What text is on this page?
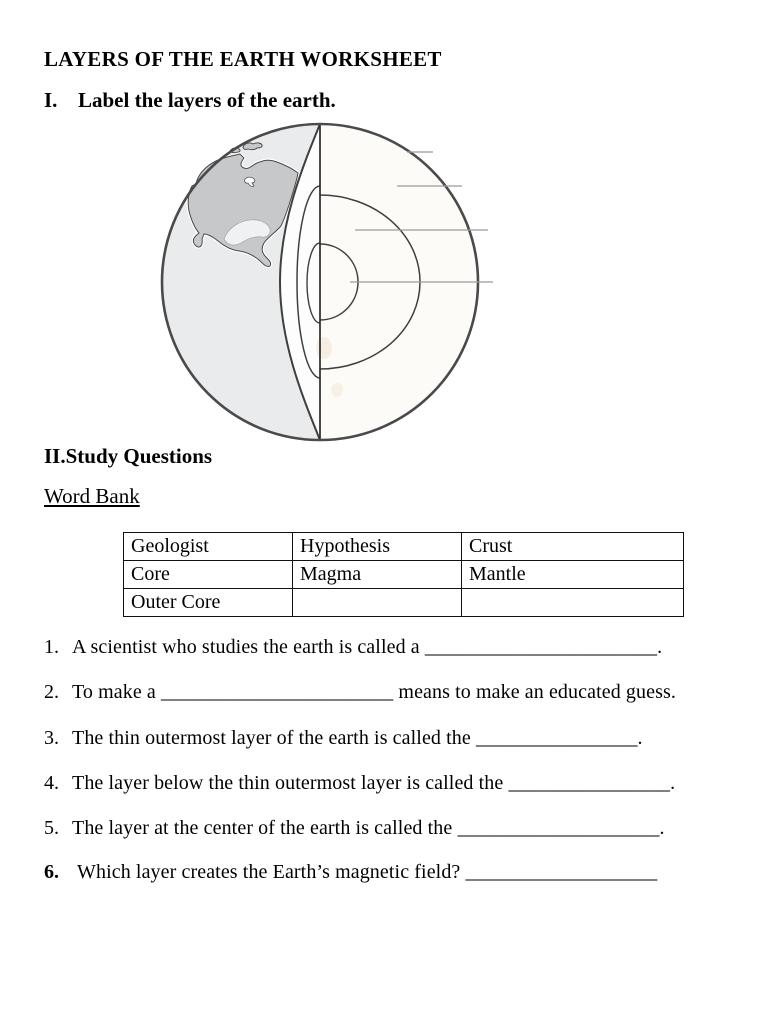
LAYERS OF THE EARTH WORKSHEET
I. Label the layers of the earth.
II.Study Questions
Word Bank
Geologist	Hypothesis	Crust
Core	Magma	Mantle
Outer Core		
1. A scientist who studies the earth is called a _______________________.
2. To make a _______________________ means to make an educated guess.
3. The thin outermost layer of the earth is called the ________________.
4. The layer below the thin outermost layer is called the ________________.
5. The layer at the center of the earth is called the ____________________.
6. Which layer creates the Earth’s magnetic field? ___________________
